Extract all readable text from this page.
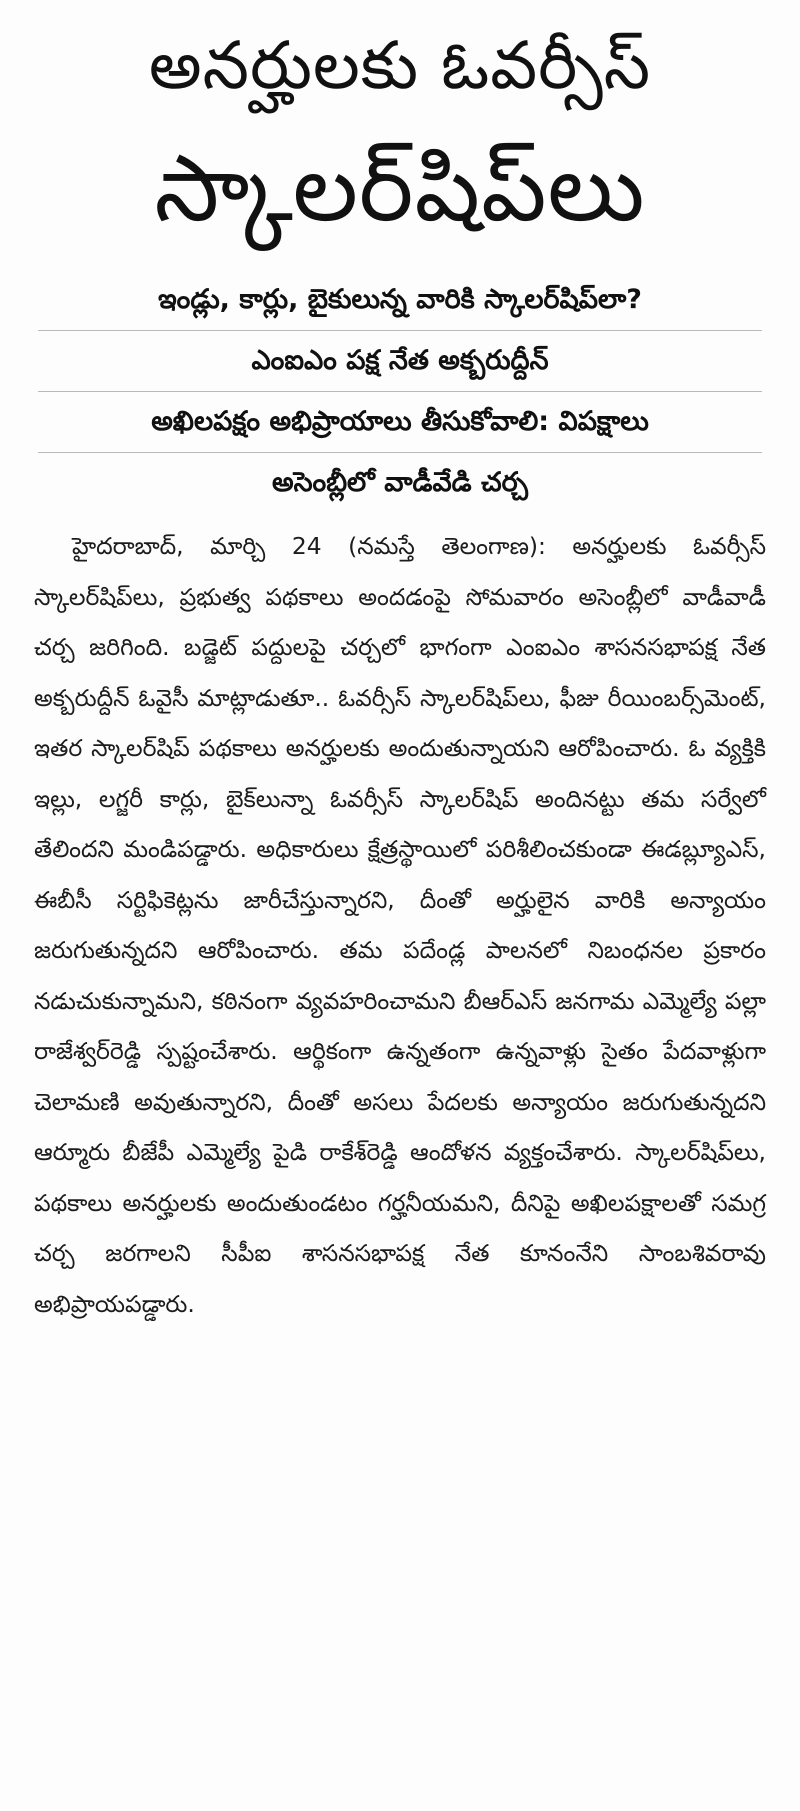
అనర్హులకు ఓవర్సీస్
స్కాలర్‌షిప్‌లు

ఇండ్లు, కార్లు, బైకులున్న వారికి స్కాలర్‌షిప్‌లా?

ఎంఐఎం పక్ష నేత అక్బరుద్దీన్

అఖిలపక్షం అభిప్రాయాలు తీసుకోవాలి: విపక్షాలు

అసెంబ్లీలో వాడీవేడి చర్చ

హైదరాబాద్, మార్చి 24 (నమస్తే తెలంగాణ): అనర్హులకు ఓవర్సీస్ స్కాలర్‌షిప్‌లు, ప్రభుత్వ పథకాలు అందడంపై సోమవారం అసెంబ్లీలో వాడీవాడీ చర్చ జరిగింది. బడ్జెట్ పద్దులపై చర్చలో భాగంగా ఎంఐఎం శాసనసభాపక్ష నేత అక్బరుద్దీన్ ఓవైసీ మాట్లాడుతూ.. ఓవర్సీస్ స్కాలర్‌షిప్‌లు, ఫీజు రీయింబర్స్‌మెంట్, ఇతర స్కాలర్‌షిప్ పథకాలు అనర్హులకు అందుతున్నాయని ఆరోపించారు. ఓ వ్యక్తికి ఇల్లు, లగ్జరీ కార్లు, బైక్‌లున్నా ఓవర్సీస్ స్కాలర్‌షిప్ అందినట్టు తమ సర్వేలో తేలిందని మండిపడ్డారు. అధికారులు క్షేత్రస్థాయిలో పరిశీలించకుండా ఈడబ్ల్యూఎస్, ఈబీసీ సర్టిఫికెట్లను జారీచేస్తున్నారని, దీంతో అర్హులైన వారికి అన్యాయం జరుగుతున్నదని ఆరోపించారు. తమ పదేండ్ల పాలనలో నిబంధనల ప్రకారం నడుచుకున్నామని, కఠినంగా వ్యవహరించామని బీఆర్‌ఎస్ జనగామ ఎమ్మెల్యే పల్లా రాజేశ్వర్‌రెడ్డి స్పష్టంచేశారు. ఆర్థికంగా ఉన్నతంగా ఉన్నవాళ్లు సైతం పేదవాళ్లుగా చెలామణి అవుతున్నారని, దీంతో అసలు పేదలకు అన్యాయం జరుగుతున్నదని ఆర్మూరు బీజేపీ ఎమ్మెల్యే పైడి రాకేశ్‌రెడ్డి ఆందోళన వ్యక్తంచేశారు. స్కాలర్‌షిప్‌లు, పథకాలు అనర్హులకు అందుతుండటం గర్హనీయమని, దీనిపై అఖిలపక్షాలతో సమగ్ర చర్చ జరగాలని సీపీఐ శాసనసభాపక్ష నేత కూనంనేని సాంబశివరావు అభిప్రాయపడ్డారు.
